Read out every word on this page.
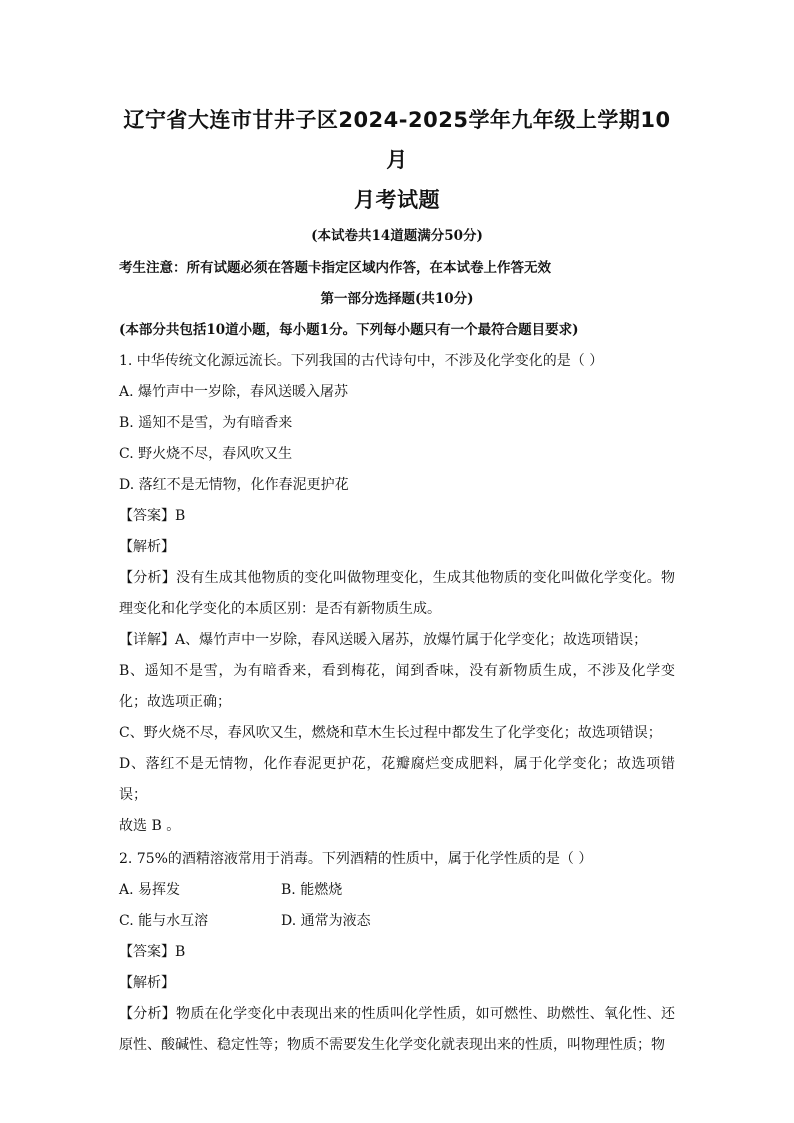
辽宁省大连市甘井子区2024-2025学年九年级上学期10月
月考试题
(本试卷共14道题满分50分)
考生注意：所有试题必须在答题卡指定区域内作答，在本试卷上作答无效
第一部分选择题(共10分)
(本部分共包括10道小题，每小题1分。下列每小题只有一个最符合题目要求)
1. 中华传统文化源远流长。下列我国的古代诗句中，不涉及化学变化的是（ ）
A. 爆竹声中一岁除，春风送暖入屠苏
B. 遥知不是雪，为有暗香来
C. 野火烧不尽，春风吹又生
D. 落红不是无情物，化作春泥更护花
【答案】B
【解析】
【分析】没有生成其他物质的变化叫做物理变化，生成其他物质的变化叫做化学变化。物理变化和化学变化的本质区别：是否有新物质生成。
【详解】A、爆竹声中一岁除，春风送暖入屠苏，放爆竹属于化学变化；故选项错误；
B、遥知不是雪，为有暗香来，看到梅花，闻到香味，没有新物质生成，不涉及化学变化；故选项正确；
C、野火烧不尽，春风吹又生，燃烧和草木生长过程中都发生了化学变化；故选项错误；
D、落红不是无情物，化作春泥更护花，花瓣腐烂变成肥料，属于化学变化；故选项错误；
故选 B 。
2. 75%的酒精溶液常用于消毒。下列酒精的性质中，属于化学性质的是（ ）
A. 易挥发	B. 能燃烧
C. 能与水互溶	D. 通常为液态
【答案】B
【解析】
【分析】物质在化学变化中表现出来的性质叫化学性质，如可燃性、助燃性、氧化性、还原性、酸碱性、稳定性等；物质不需要发生化学变化就表现出来的性质，叫物理性质；物
